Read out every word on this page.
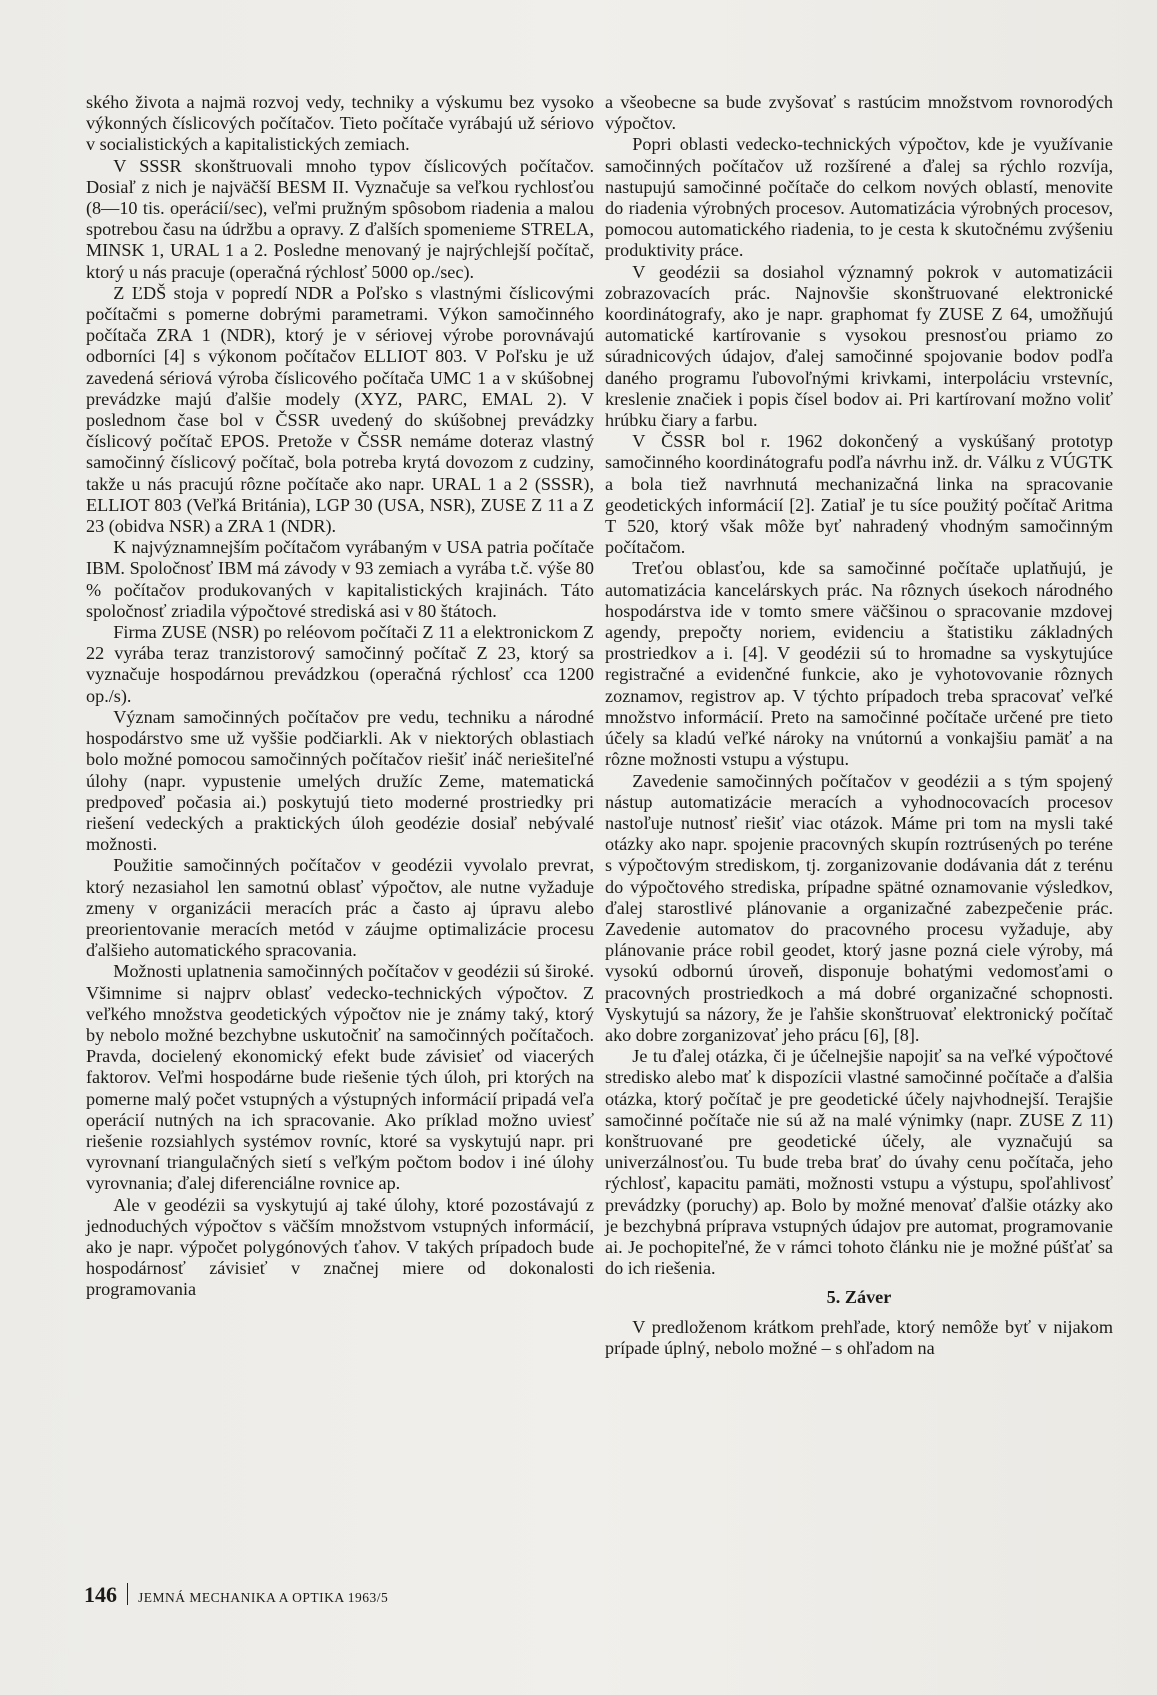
ského života a najmä rozvoj vedy, techniky a výskumu bez vysoko výkonných číslicových počítačov. Tieto počítače vyrábajú už sériovo v socialistických a kapitalistických zemiach.

V SSSR skonštruovali mnoho typov číslicových počítačov. Dosiaľ z nich je najväčší BESM II. Vyznačuje sa veľkou rychlosťou (8—10 tis. operácií/sec), veľmi pružným spôsobom riadenia a malou spotrebou času na údržbu a opravy. Z ďalších spomenieme STRELA, MINSK 1, URAL 1 a 2. Posledne menovaný je najrýchlejší počítač, ktorý u nás pracuje (operačná rýchlosť 5000 op./sec).

Z ĽDŠ stoja v popredí NDR a Poľsko s vlastnými číslicovými počítačmi s pomerne dobrými parametrami. Výkon samočinného počítača ZRA 1 (NDR), ktorý je v sériovej výrobe porovnávajú odborníci [4] s výkonom počítačov ELLIOT 803. V Poľsku je už zavedená sériová výroba číslicového počítača UMC 1 a v skúšobnej prevádzke majú ďalšie modely (XYZ, PARC, EMAL 2). V poslednom čase bol v ČSSR uvedený do skúšobnej prevádzky číslicový počítač EPOS. Pretože v ČSSR nemáme doteraz vlastný samočinný číslicový počítač, bola potreba krytá dovozom z cudziny, takže u nás pracujú rôzne počítače ako napr. URAL 1 a 2 (SSSR), ELLIOT 803 (Veľká Británia), LGP 30 (USA, NSR), ZUSE Z 11 a Z 23 (obidva NSR) a ZRA 1 (NDR).

K najvýznamnejším počítačom vyrábaným v USA patria počítače IBM. Spoločnosť IBM má závody v 93 zemiach a vyrába t.č. výše 80 % počítačov produkovaných v kapitalistických krajinách. Táto spoločnosť zriadila výpočtové strediská asi v 80 štátoch.

Firma ZUSE (NSR) po reléovom počítači Z 11 a elektronickom Z 22 vyrába teraz tranzistorový samočinný počítač Z 23, ktorý sa vyznačuje hospodárnou prevádzkou (operačná rýchlosť cca 1200 op./s).

Význam samočinných počítačov pre vedu, techniku a národné hospodárstvo sme už vyššie podčiarkli. Ak v niektorých oblastiach bolo možné pomocou samočinných počítačov riešiť ináč neriešiteľné úlohy (napr. vypustenie umelých družíc Zeme, matematická predpoveď počasia ai.) poskytujú tieto moderné prostriedky pri riešení vedeckých a praktických úloh geodézie dosiaľ nebývalé možnosti.

Použitie samočinných počítačov v geodézii vyvolalo prevrat, ktorý nezasiahol len samotnú oblasť výpočtov, ale nutne vyžaduje zmeny v organizácii meracích prác a často aj úpravu alebo preorientovanie meracích metód v záujme optimalizácie procesu ďalšieho automatického spracovania.

Možnosti uplatnenia samočinných počítačov v geodézii sú široké. Všimnime si najprv oblasť vedecko-technických výpočtov. Z veľkého množstva geodetických výpočtov nie je známy taký, ktorý by nebolo možné bezchybne uskutočniť na samočinných počítačoch. Pravda, docielený ekonomický efekt bude závisieť od viacerých faktorov. Veľmi hospodárne bude riešenie tých úloh, pri ktorých na pomerne malý počet vstupných a výstupných informácií pripadá veľa operácií nutných na ich spracovanie. Ako príklad možno uviesť riešenie rozsiahlych systémov rovníc, ktoré sa vyskytujú napr. pri vyrovnaní triangulačných sietí s veľkým počtom bodov i iné úlohy vyrovnania; ďalej diferenciálne rovnice ap.

Ale v geodézii sa vyskytujú aj také úlohy, ktoré pozostávajú z jednoduchých výpočtov s väčším množstvom vstupných informácií, ako je napr. výpočet polygónových ťahov. V takých prípadoch bude hospodárnosť závisieť v značnej miere od dokonalosti programovania

a všeobecne sa bude zvyšovať s rastúcim množstvom rovnorodých výpočtov.

Popri oblasti vedecko-technických výpočtov, kde je využívanie samočinných počítačov už rozšírené a ďalej sa rýchlo rozvíja, nastupujú samočinné počítače do celkom nových oblastí, menovite do riadenia výrobných procesov. Automatizácia výrobných procesov, pomocou automatického riadenia, to je cesta k skutočnému zvýšeniu produktivity práce.

V geodézii sa dosiahol významný pokrok v automatizácii zobrazovacích prác. Najnovšie skonštruované elektronické koordinátografy, ako je napr. graphomat fy ZUSE Z 64, umožňujú automatické kartírovanie s vysokou presnosťou priamo zo súradnicových údajov, ďalej samočinné spojovanie bodov podľa daného programu ľubovoľnými krivkami, interpoláciu vrstevníc, kreslenie značiek i popis čísel bodov ai. Pri kartírovaní možno voliť hrúbku čiary a farbu.

V ČSSR bol r. 1962 dokončený a vyskúšaný prototyp samočinného koordinátografu podľa návrhu inž. dr. Válku z VÚGTK a bola tiež navrhnutá mechanizačná linka na spracovanie geodetických informácií [2]. Zatiaľ je tu síce použitý počítač Aritma T 520, ktorý však môže byť nahradený vhodným samočinným počítačom.

Treťou oblasťou, kde sa samočinné počítače uplatňujú, je automatizácia kancelárskych prác. Na rôznych úsekoch národného hospodárstva ide v tomto smere väčšinou o spracovanie mzdovej agendy, prepočty noriem, evidenciu a štatistiku základných prostriedkov a i. [4]. V geodézii sú to hromadne sa vyskytujúce registračné a evidenčné funkcie, ako je vyhotovovanie rôznych zoznamov, registrov ap. V týchto prípadoch treba spracovať veľké množstvo informácií. Preto na samočinné počítače určené pre tieto účely sa kladú veľké nároky na vnútornú a vonkajšiu pamäť a na rôzne možnosti vstupu a výstupu.

Zavedenie samočinných počítačov v geodézii a s tým spojený nástup automatizácie meracích a vyhodnocovacích procesov nastoľuje nutnosť riešiť viac otázok. Máme pri tom na mysli také otázky ako napr. spojenie pracovných skupín roztrúsených po teréne s výpočtovým strediskom, tj. zorganizovanie dodávania dát z terénu do výpočtového strediska, prípadne spätné oznamovanie výsledkov, ďalej starostlivé plánovanie a organizačné zabezpečenie prác. Zavedenie automatov do pracovného procesu vyžaduje, aby plánovanie práce robil geodet, ktorý jasne pozná ciele výroby, má vysokú odbornú úroveň, disponuje bohatými vedomosťami o pracovných prostriedkoch a má dobré organizačné schopnosti. Vyskytujú sa názory, že je ľahšie skonštruovať elektronický počítač ako dobre zorganizovať jeho prácu [6], [8].

Je tu ďalej otázka, či je účelnejšie napojiť sa na veľké výpočtové stredisko alebo mať k dispozícii vlastné samočinné počítače a ďalšia otázka, ktorý počítač je pre geodetické účely najvhodnejší. Terajšie samočinné počítače nie sú až na malé výnimky (napr. ZUSE Z 11) konštruované pre geodetické účely, ale vyznačujú sa univerzálnosťou. Tu bude treba brať do úvahy cenu počítača, jeho rýchlosť, kapacitu pamäti, možnosti vstupu a výstupu, spoľahlivosť prevádzky (poruchy) ap. Bolo by možné menovať ďalšie otázky ako je bezchybná príprava vstupných údajov pre automat, programovanie ai. Je pochopiteľné, že v rámci tohoto článku nie je možné púšťať sa do ich riešenia.

5. Záver

V predloženom krátkom prehľade, ktorý nemôže byť v nijakom prípade úplný, nebolo možné – s ohľadom na

146 JEMNÁ MECHANIKA A OPTIKA 1963/5
